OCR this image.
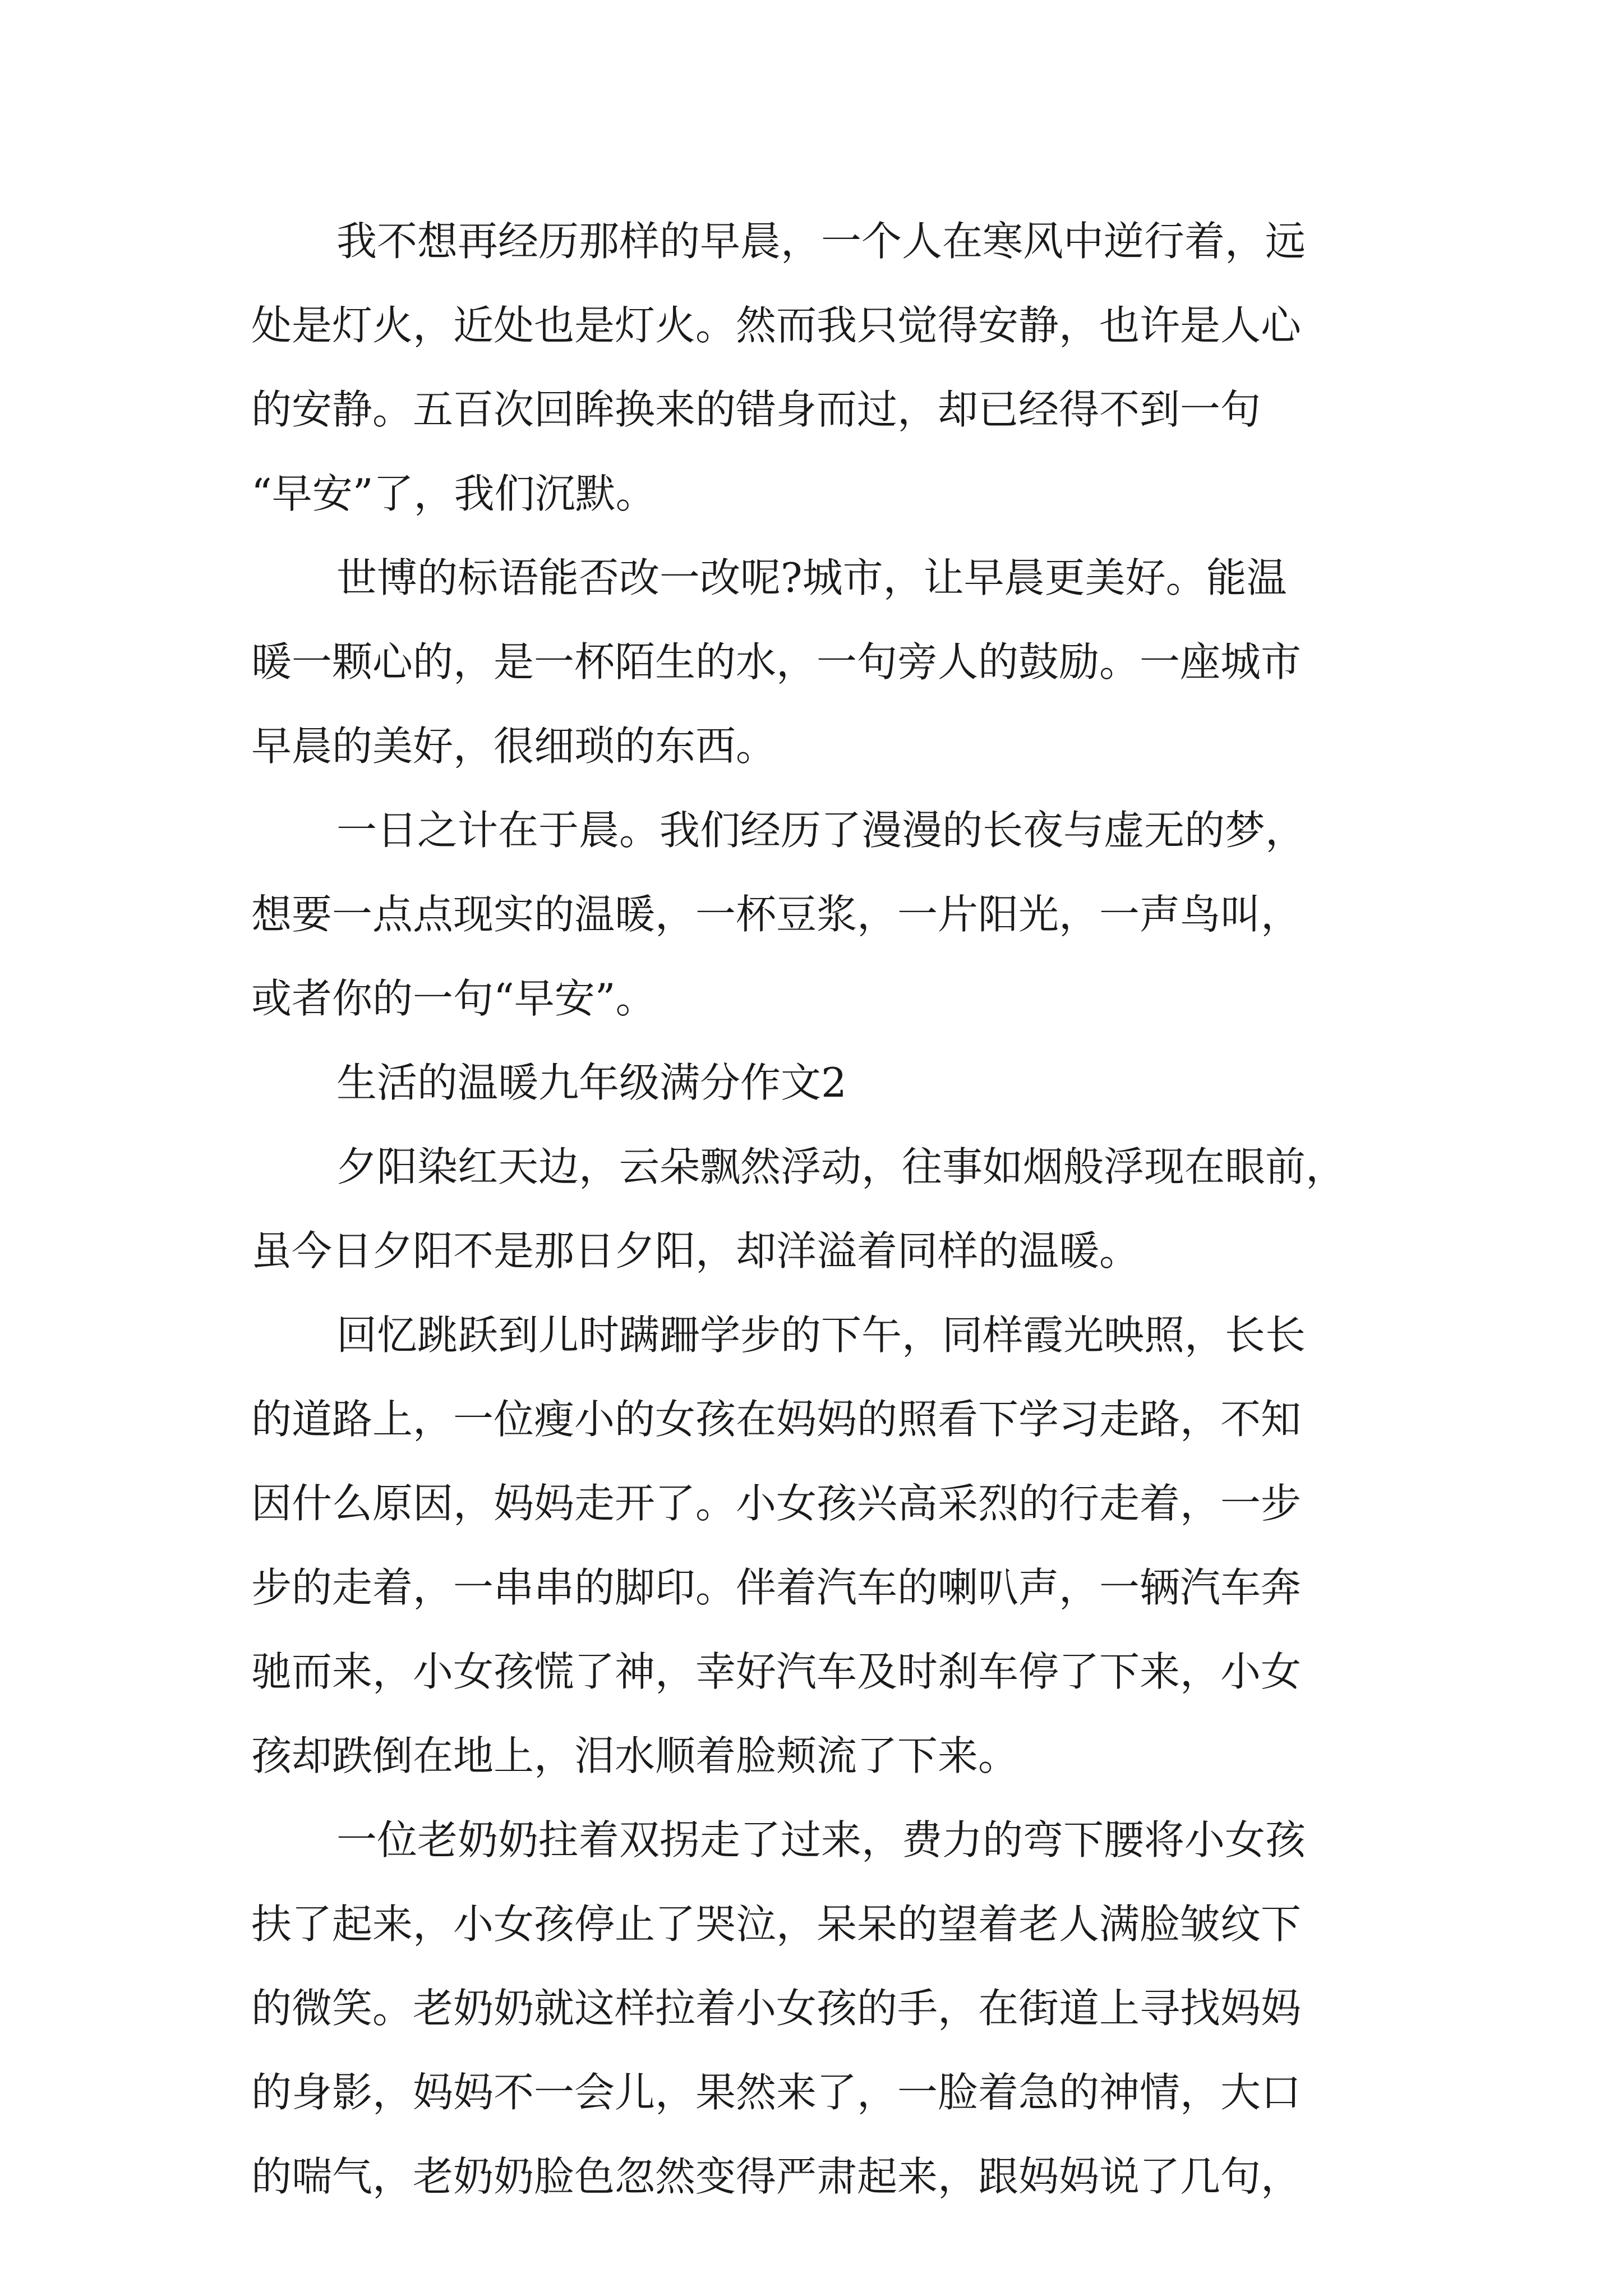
我不想再经历那样的早晨，一个人在寒风中逆行着，远

处是灯火，近处也是灯火。然而我只觉得安静，也许是人心

的安静。五百次回眸换来的错身而过，却已经得不到一句

“早安”了，我们沉默。

世博的标语能否改一改呢?城市，让早晨更美好。能温

暖一颗心的，是一杯陌生的水，一句旁人的鼓励。一座城市

早晨的美好，很细琐的东西。

一日之计在于晨。我们经历了漫漫的长夜与虚无的梦，

想要一点点现实的温暖，一杯豆浆，一片阳光，一声鸟叫，

或者你的一句“早安”。

生活的温暖九年级满分作文2

夕阳染红天边，云朵飘然浮动，往事如烟般浮现在眼前，

虽今日夕阳不是那日夕阳，却洋溢着同样的温暖。

回忆跳跃到儿时蹒跚学步的下午，同样霞光映照，长长

的道路上，一位瘦小的女孩在妈妈的照看下学习走路，不知

因什么原因，妈妈走开了。小女孩兴高采烈的行走着，一步

步的走着，一串串的脚印。伴着汽车的喇叭声，一辆汽车奔

驰而来，小女孩慌了神，幸好汽车及时刹车停了下来，小女

孩却跌倒在地上，泪水顺着脸颊流了下来。

一位老奶奶拄着双拐走了过来，费力的弯下腰将小女孩

扶了起来，小女孩停止了哭泣，呆呆的望着老人满脸皱纹下

的微笑。老奶奶就这样拉着小女孩的手，在街道上寻找妈妈

的身影，妈妈不一会儿，果然来了，一脸着急的神情，大口

的喘气，老奶奶脸色忽然变得严肃起来，跟妈妈说了几句，
